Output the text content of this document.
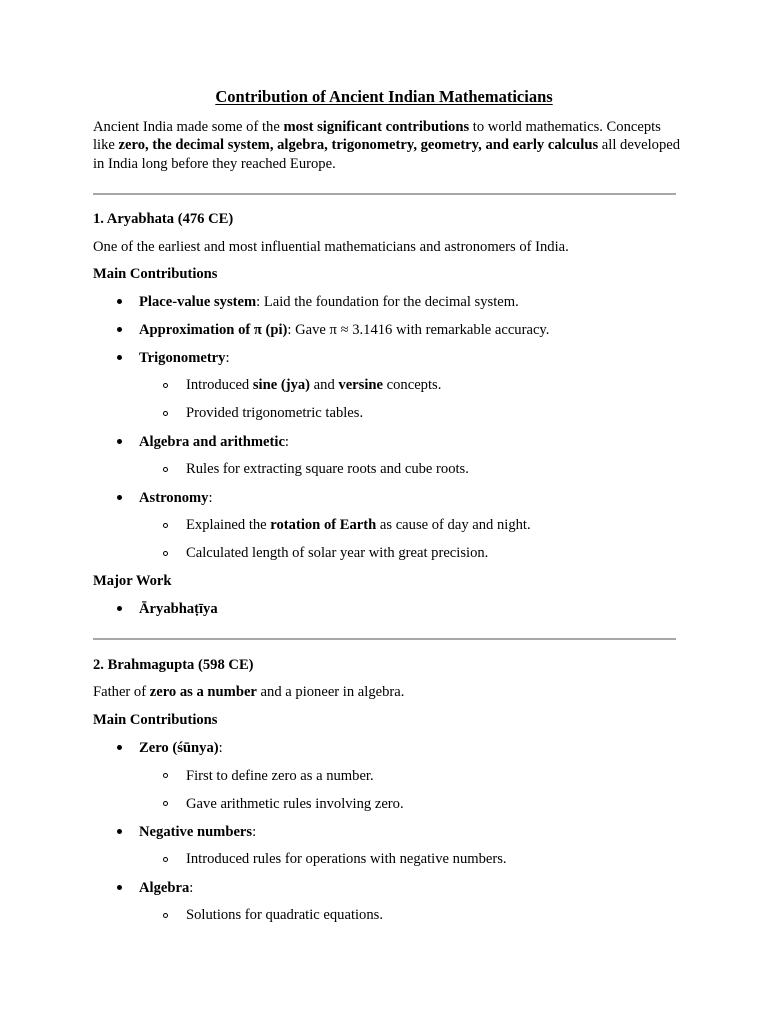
Contribution of Ancient Indian Mathematicians
Ancient India made some of the most significant contributions to world mathematics. Concepts like zero, the decimal system, algebra, trigonometry, geometry, and early calculus all developed in India long before they reached Europe.
1. Aryabhata (476 CE)
One of the earliest and most influential mathematicians and astronomers of India.
Main Contributions
Place-value system: Laid the foundation for the decimal system.
Approximation of π (pi): Gave π ≈ 3.1416 with remarkable accuracy.
Trigonometry:
Introduced sine (jya) and versine concepts.
Provided trigonometric tables.
Algebra and arithmetic:
Rules for extracting square roots and cube roots.
Astronomy:
Explained the rotation of Earth as cause of day and night.
Calculated length of solar year with great precision.
Major Work
Āryabhaṭīya
2. Brahmagupta (598 CE)
Father of zero as a number and a pioneer in algebra.
Main Contributions
Zero (śūnya):
First to define zero as a number.
Gave arithmetic rules involving zero.
Negative numbers:
Introduced rules for operations with negative numbers.
Algebra:
Solutions for quadratic equations.
